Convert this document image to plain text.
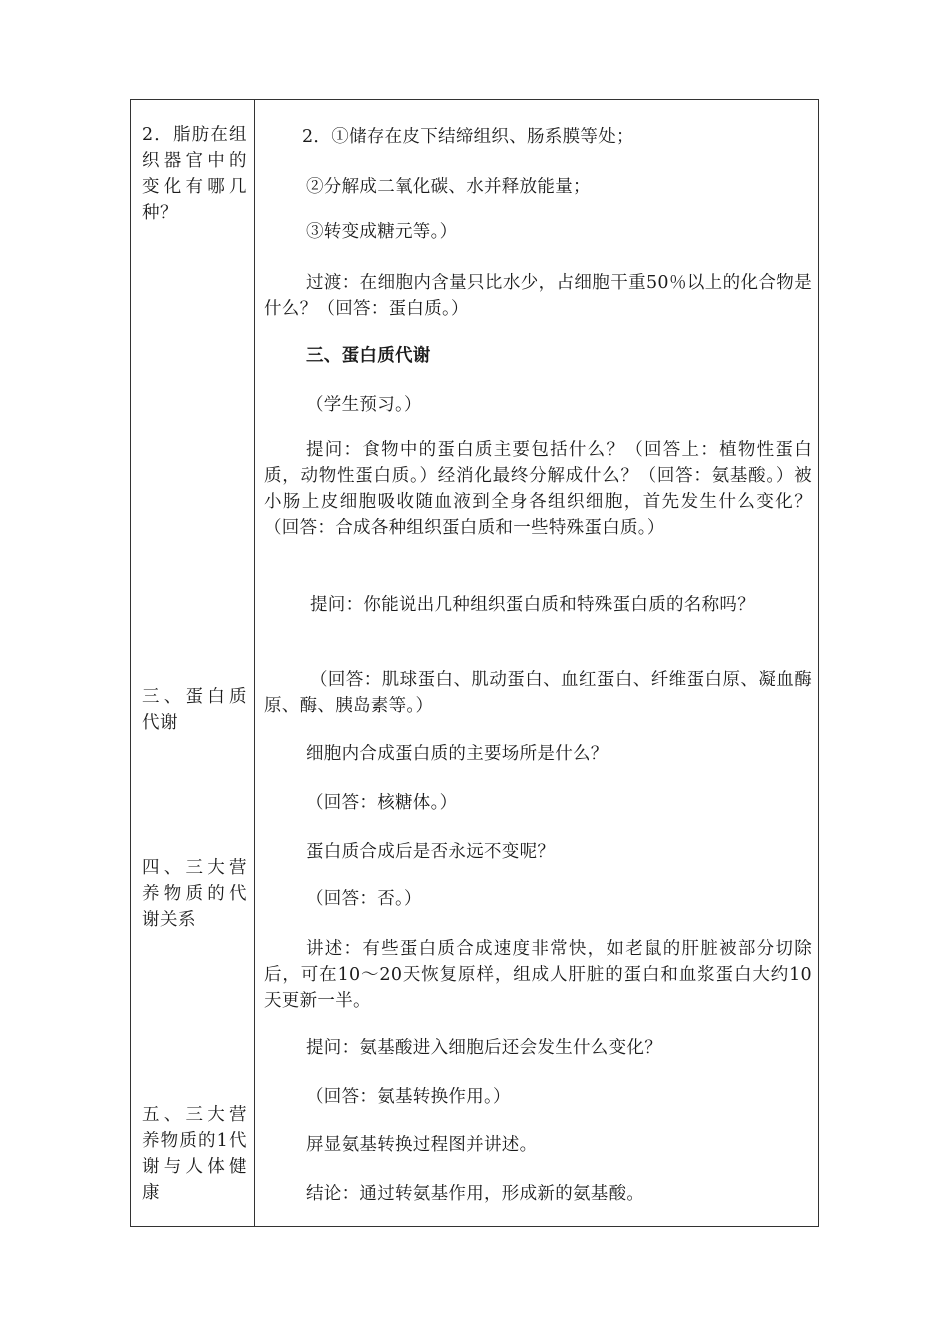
2．脂肪在组织器官中的变化有哪几种？
三、蛋白质代谢
四、三大营养物质的代谢关系
五、三大营养物质的1代谢与人体健康
2．①储存在皮下结缔组织、肠系膜等处；
②分解成二氧化碳、水并释放能量；
③转变成糖元等。）
过渡：在细胞内含量只比水少，占细胞干重50％以上的化合物是什么？（回答：蛋白质。）
三、蛋白质代谢
（学生预习。）
提问：食物中的蛋白质主要包括什么？（回答上：植物性蛋白质，动物性蛋白质。）经消化最终分解成什么？（回答：氨基酸。）被小肠上皮细胞吸收随血液到全身各组织细胞，首先发生什么变化？（回答：合成各种组织蛋白质和一些特殊蛋白质。）
提问：你能说出几种组织蛋白质和特殊蛋白质的名称吗？
（回答：肌球蛋白、肌动蛋白、血红蛋白、纤维蛋白原、凝血酶原、酶、胰岛素等。）
细胞内合成蛋白质的主要场所是什么？
（回答：核糖体。）
蛋白质合成后是否永远不变呢？
（回答：否。）
讲述：有些蛋白质合成速度非常快，如老鼠的肝脏被部分切除后，可在10～20天恢复原样，组成人肝脏的蛋白和血浆蛋白大约10天更新一半。
提问：氨基酸进入细胞后还会发生什么变化？
（回答：氨基转换作用。）
屏显氨基转换过程图并讲述。
结论：通过转氨基作用，形成新的氨基酸。
